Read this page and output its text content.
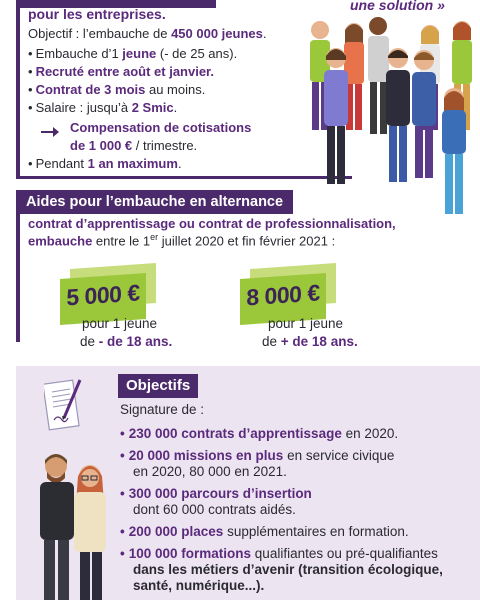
pour les entreprises.
Objectif : l’embauche de 450 000 jeunes.
• Embauche d’1 jeune (- de 25 ans).
• Recruté entre août et janvier.
• Contrat de 3 mois au moins.
• Salaire : jusqu’à 2 Smic.
Compensation de cotisations
de 1 000 € / trimestre.
• Pendant 1 an maximum.
une solution »
Aides pour l’embauche en alternance
contrat d’apprentissage ou contrat de professionnalisation,
embauche entre le 1er juillet 2020 et fin février 2021 :
5 000 €
pour 1 jeune
de - de 18 ans.
8 000 €
pour 1 jeune
de + de 18 ans.
Objectifs
Signature de :
• 230 000 contrats d’apprentissage en 2020.
• 20 000 missions en plus en service civique
en 2020, 80 000 en 2021.
• 300 000 parcours d’insertion
dont 60 000 contrats aidés.
• 200 000 places supplémentaires en formation.
• 100 000 formations qualifiantes ou pré-qualifiantes
dans les métiers d’avenir (transition écologique,
santé, numérique...).
